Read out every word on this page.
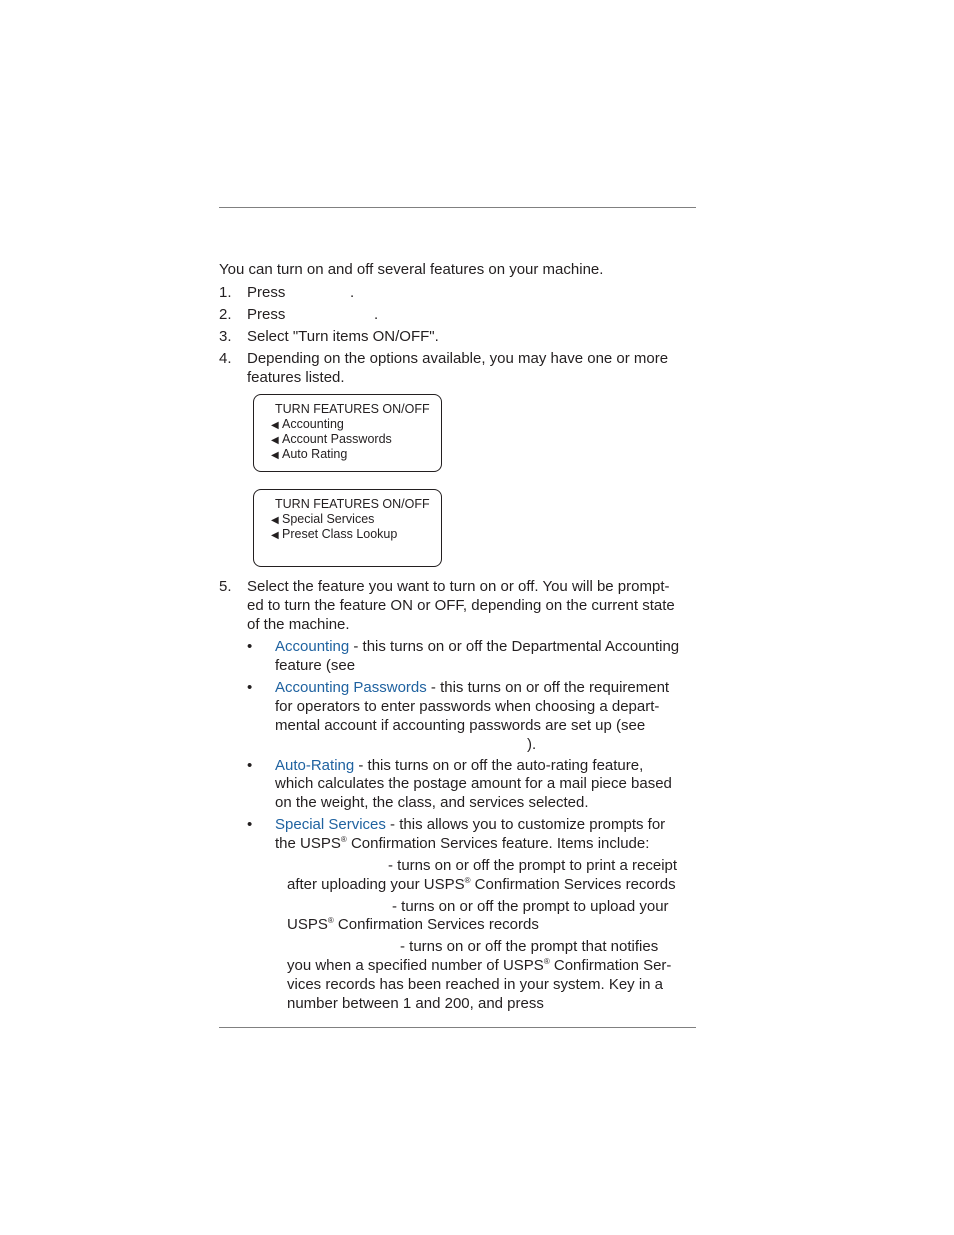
You can turn on and off several features on your machine.
1. Press	.
2. Press	.
3. Select "Turn items ON/OFF".
4. Depending on the options available, you may have one or more
features listed.
TURN FEATURES ON/OFF
◀ Accounting
◀ Account Passwords
◀ Auto Rating
TURN FEATURES ON/OFF
◀ Special Services
◀ Preset Class Lookup
5. Select the feature you want to turn on or off. You will be prompt-
ed to turn the feature ON or OFF, depending on the current state
of the machine.
• Accounting - this turns on or off the Departmental Accounting
feature (see
• Accounting Passwords - this turns on or off the requirement
for operators to enter passwords when choosing a depart-
mental account if accounting passwords are set up (see
).
• Auto-Rating - this turns on or off the auto-rating feature,
which calculates the postage amount for a mail piece based
on the weight, the class, and services selected.
• Special Services - this allows you to customize prompts for
the USPS® Confirmation Services feature. Items include:
- turns on or off the prompt to print a receipt
after uploading your USPS® Confirmation Services records
- turns on or off the prompt to upload your
USPS® Confirmation Services records
- turns on or off the prompt that notifies
you when a specified number of USPS® Confirmation Ser-
vices records has been reached in your system. Key in a
number between 1 and 200, and press
